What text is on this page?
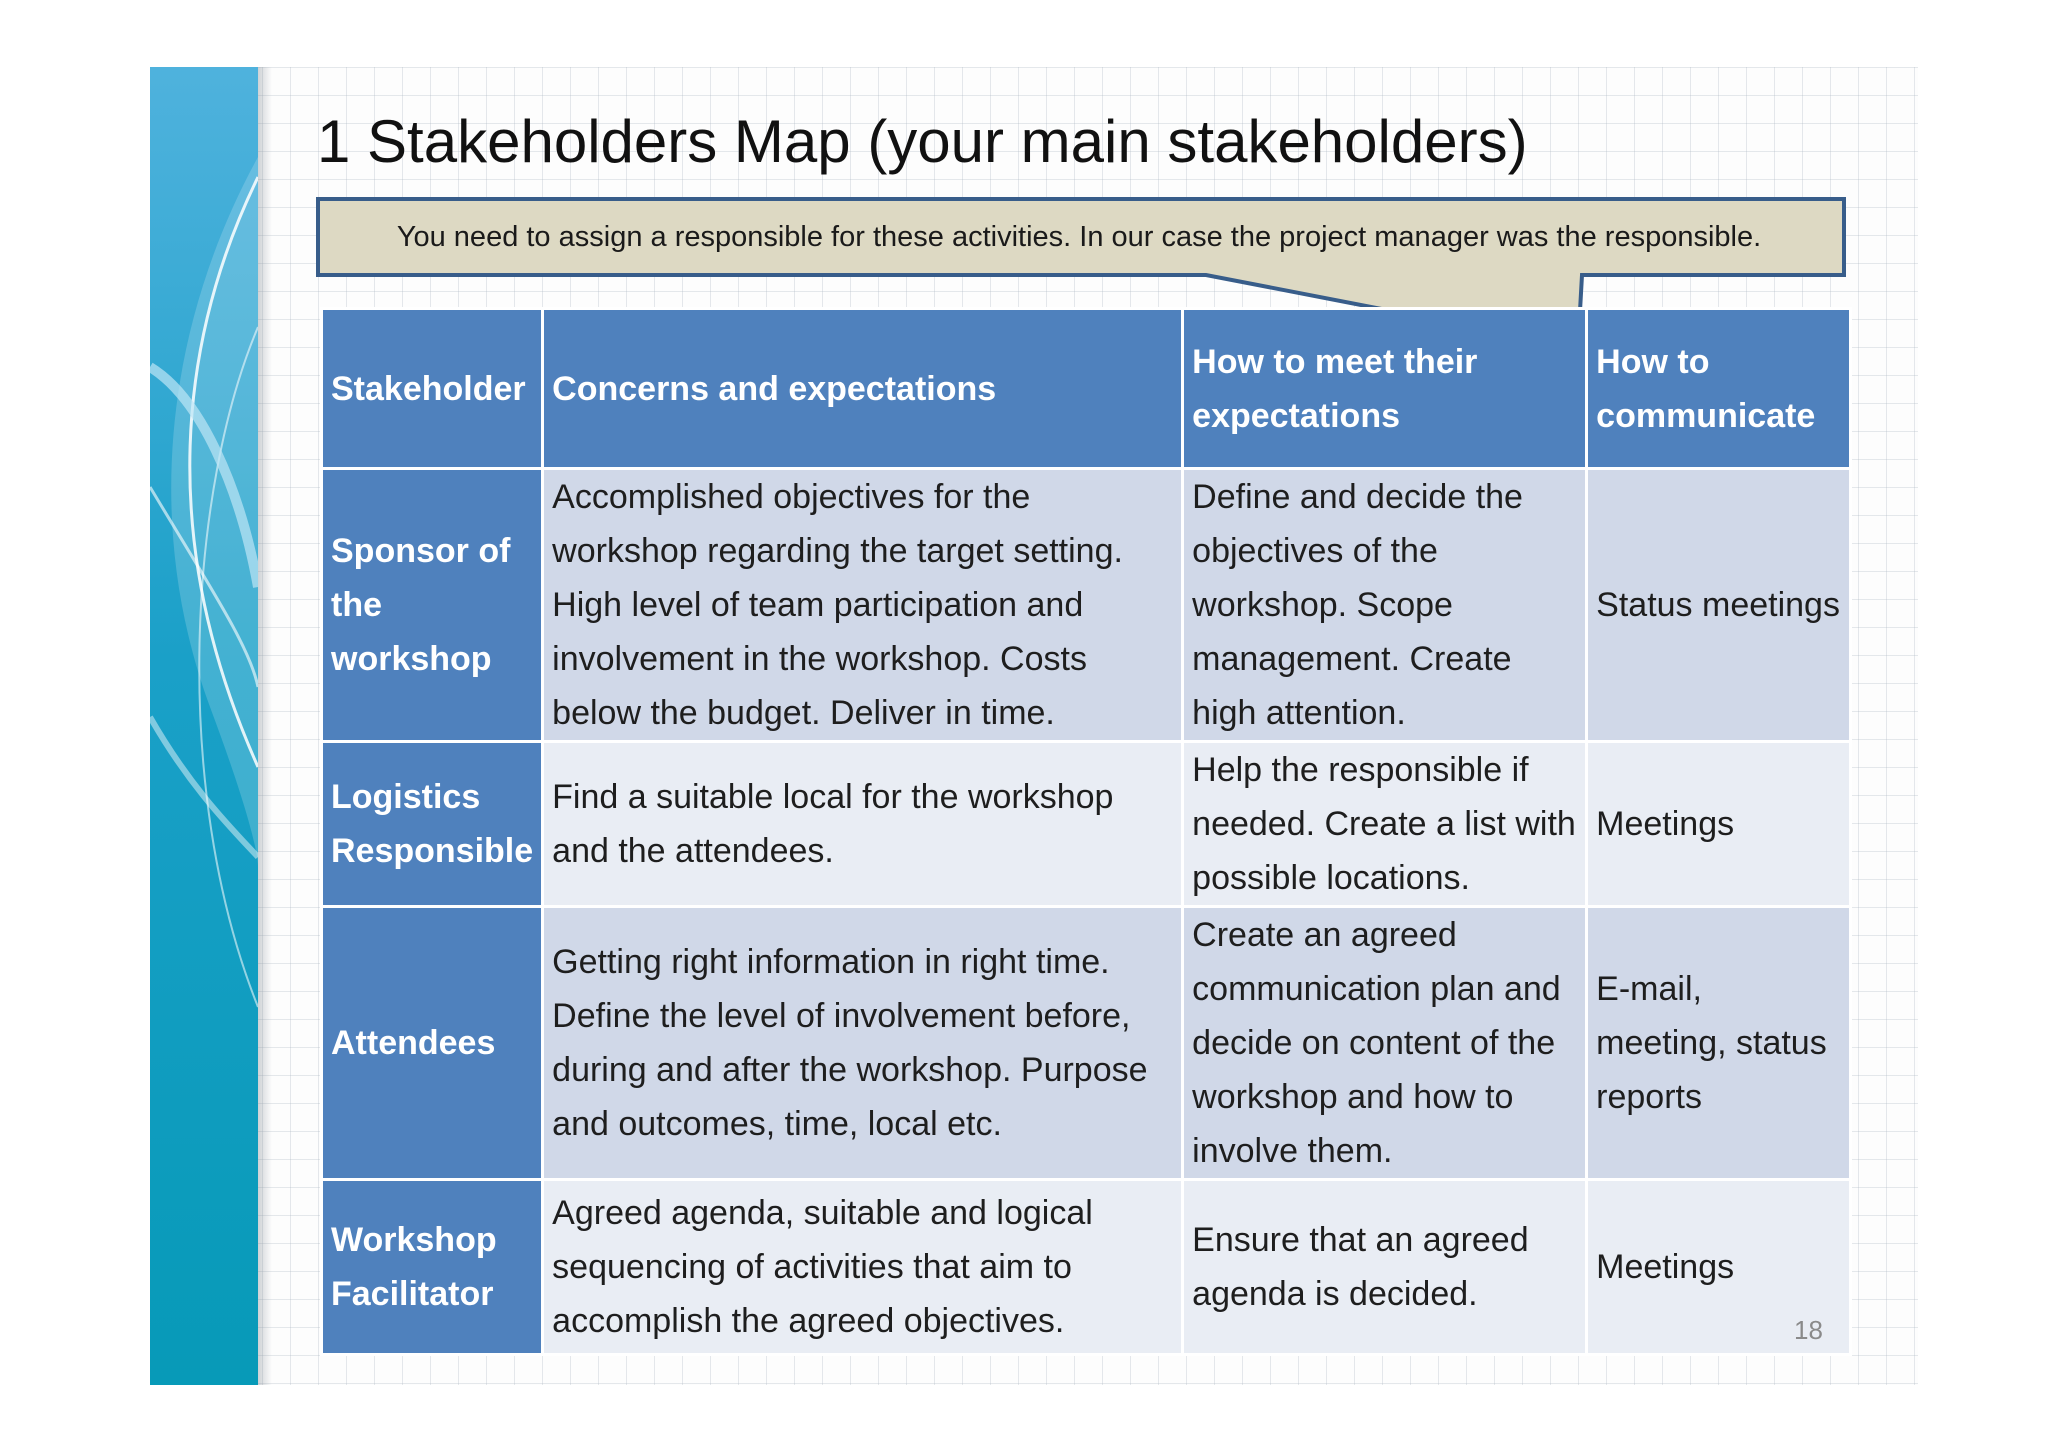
1 Stakeholders Map (your main stakeholders)
You need to assign a responsible for these activities. In our case the project manager was the responsible.
Stakeholder	Concerns and expectations	How to meet their expectations	How to communicate
Sponsor of the workshop	Accomplished objectives for the workshop regarding the target setting. High level of team participation and involvement in the workshop. Costs below the budget. Deliver in time.	Define and decide the objectives of the workshop. Scope management. Create high attention.	Status meetings
Logistics Responsible	Find a suitable local for the workshop and the attendees.	Help the responsible if needed. Create a list with possible locations.	Meetings
Attendees	Getting right information in right time. Define the level of involvement before, during and after the workshop. Purpose and outcomes, time, local etc.	Create an agreed communication plan and decide on content of the workshop and how to involve them.	E-mail, meeting, status reports
Workshop Facilitator	Agreed agenda, suitable and logical sequencing of activities that aim to accomplish the agreed objectives.	Ensure that an agreed agenda is decided.	Meetings
18
